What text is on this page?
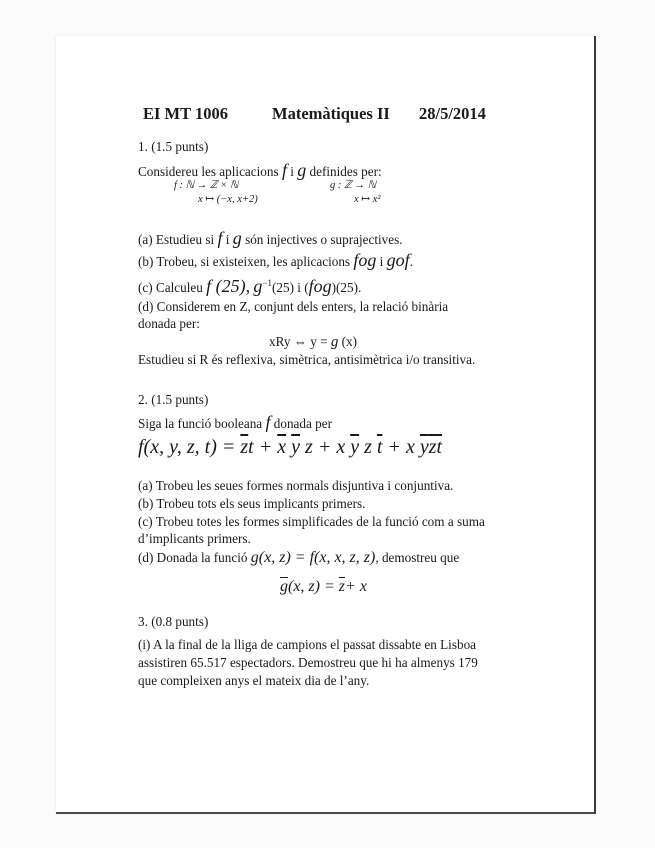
EI MT 1006	Matemàtiques II 28/5/2014
1. (1.5 punts)
Considereu les aplicacions f i g definides per:
f : ℕ → ℤ × ℕ
x ↦ (−x, x+2)
g : ℤ → ℕ
x ↦ x²
(a) Estudieu si f i g són injectives o suprajectives.
(b) Trobeu, si existeixen, les aplicacions fog i gof.
(c) Calculeu f (25), $g^{-1}(25)$ i (fog)(25).
(d) Considerem en Z, conjunt dels enters, la relació binària
donada per:
xRy ⇔ y = g (x)
Estudieu si R és reflexiva, simètrica, antisimètrica i/o transitiva.
2. (1.5 punts)
Siga la funció booleana f donada per
f(x, y, z, $t) = \overline{z}t + \overline{x}$ $\overline{y}$ z + x $\overline{y}$ z $\overline{t} + x$ $\overline{y}\overline{z}\overline{t}$
(a) Trobeu les seues formes normals disjuntiva i conjuntiva.
(b) Trobeu tots els seus implicants primers.
(c) Trobeu totes les formes simplificades de la funció com a suma
d’implicants primers.
(d) Donada la funció g(x, z) = f(x, x, z, z), demostreu que
$\overline{g}(x$, $z) = \overline{z}+ x$
3. (0.8 punts)
(i) A la final de la lliga de campions el passat dissabte en Lisboa
assistiren 65.517 espectadors. Demostreu que hi ha almenys 179
que compleixen anys el mateix dia de l’any.
